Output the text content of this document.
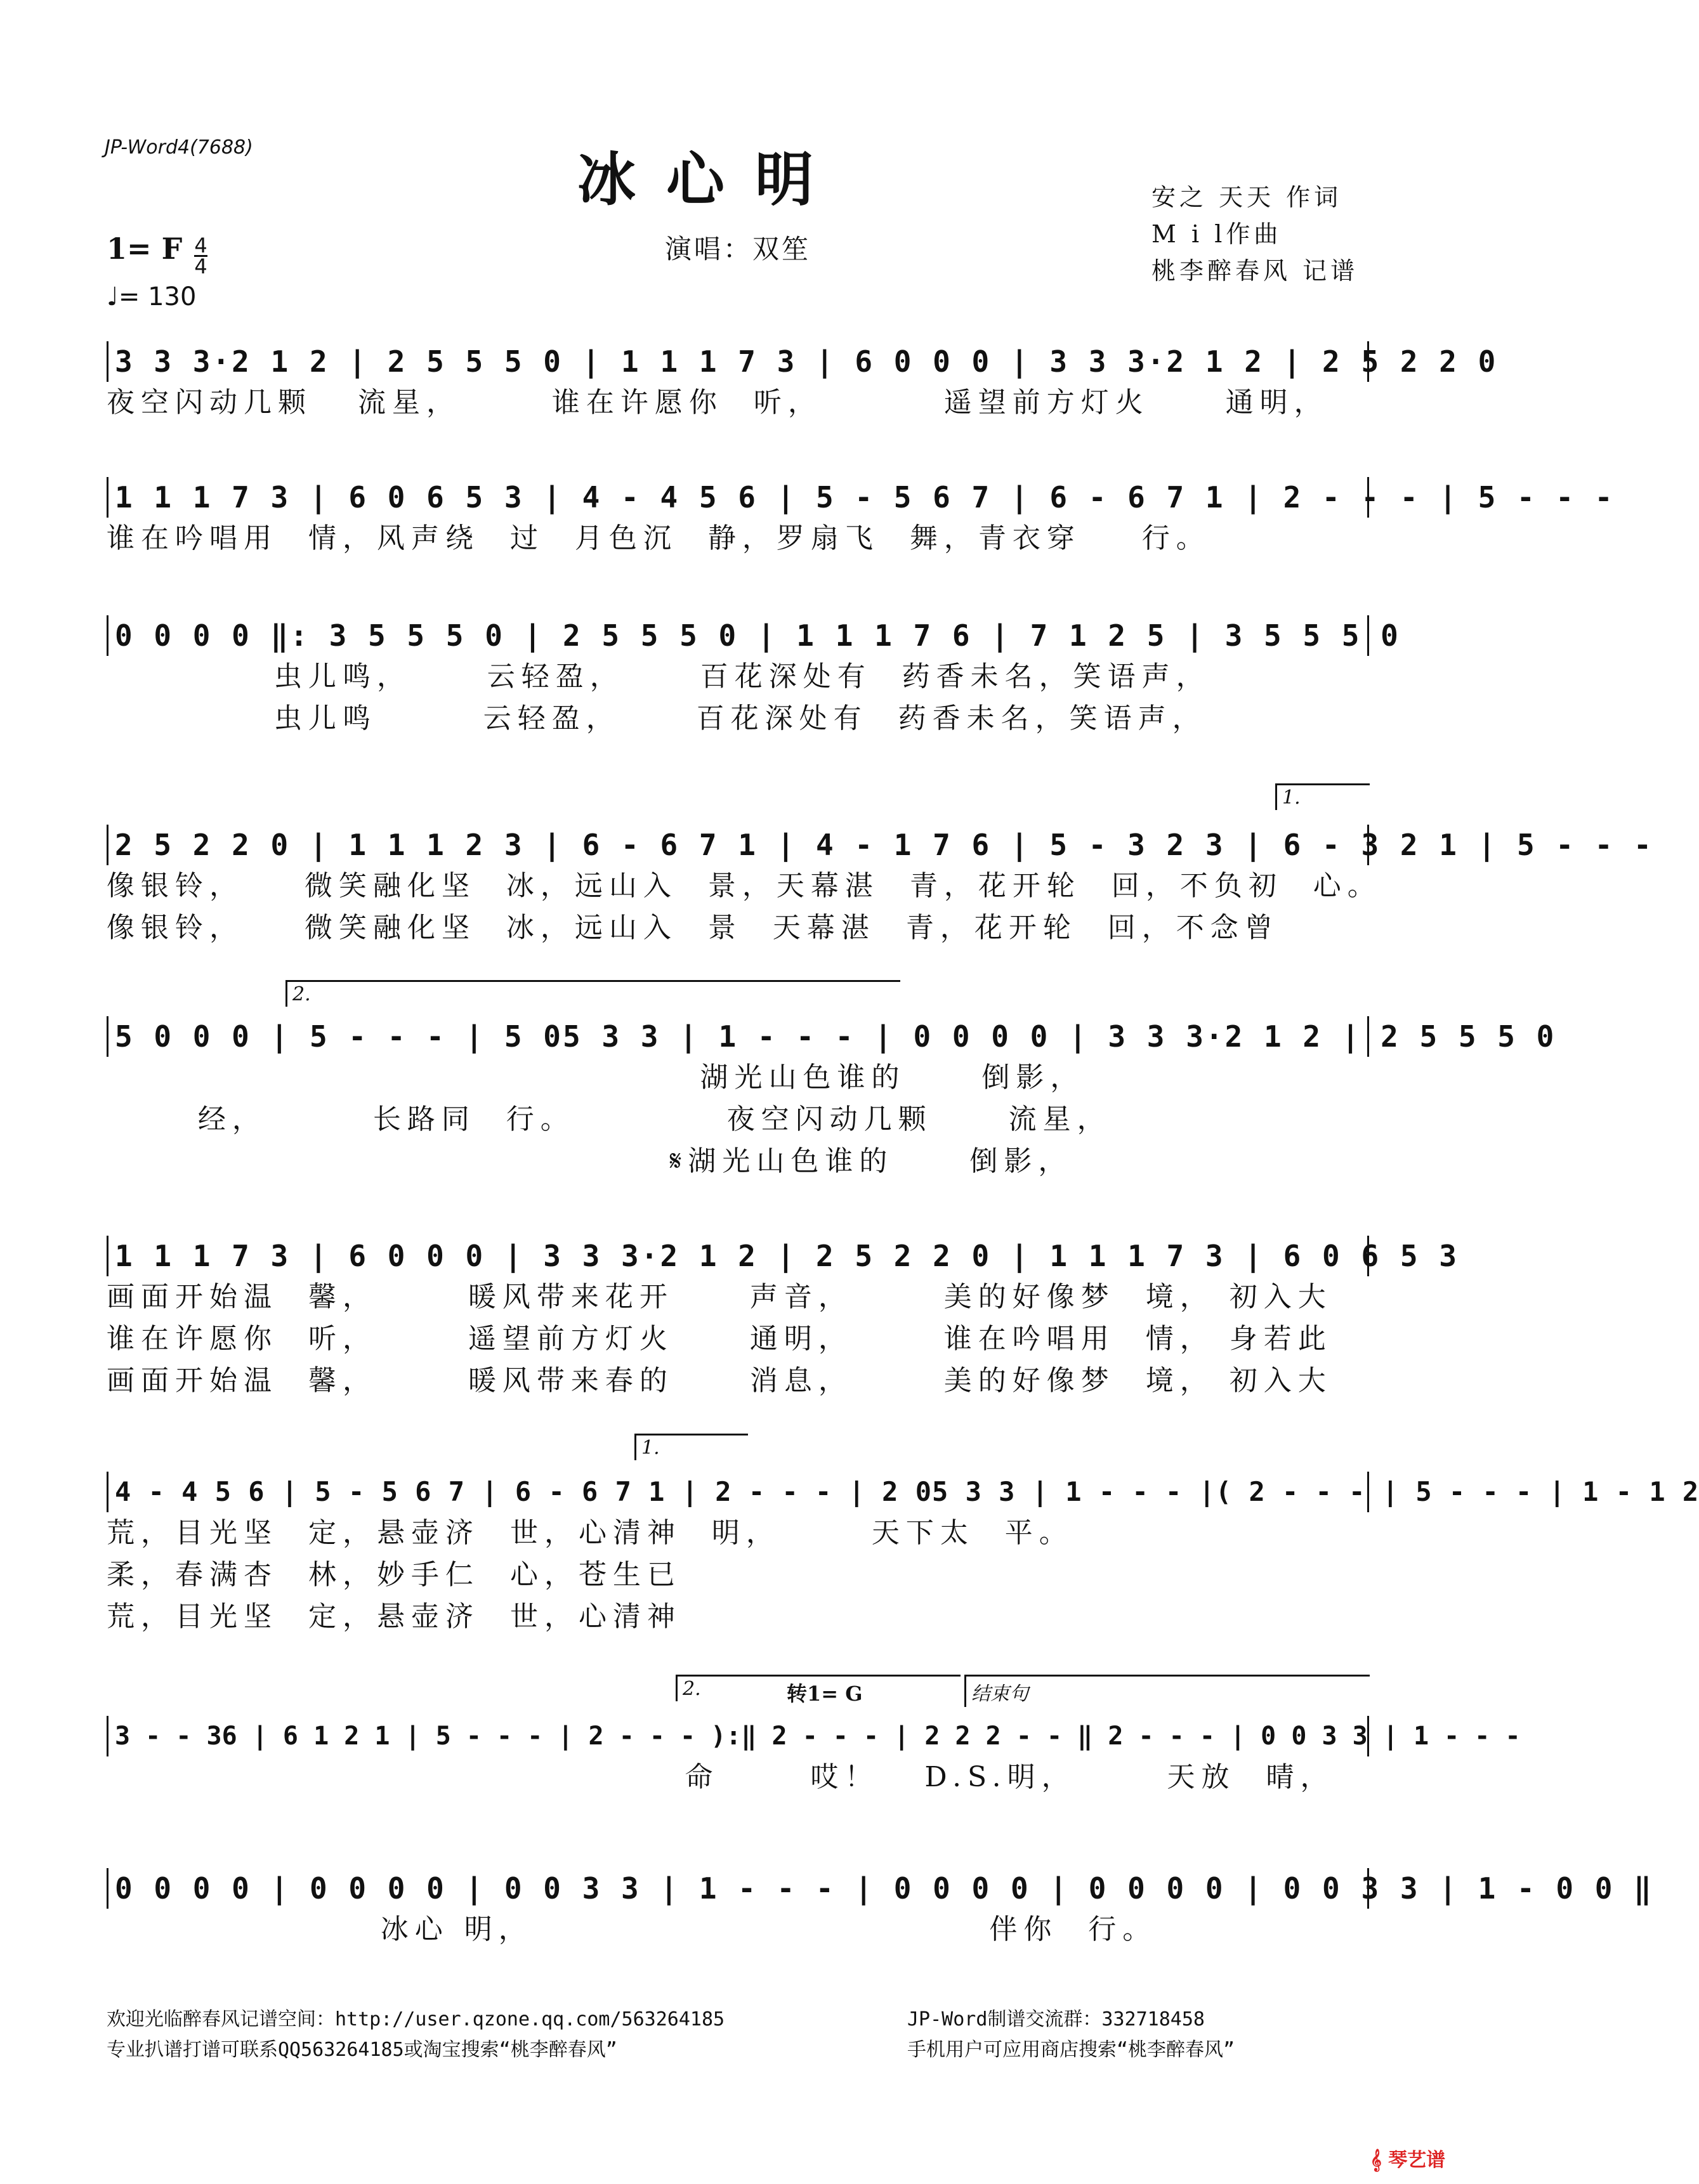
JP-Word4(7688)	冰心明
演唱：双笙
安之 天天 作词
M i l作曲
桃李醉春风 记谱
1= F $\frac{4}{4}$
♩= 130
3 3 3·2 1 2 | 2 5 5 5 0 | 1 1 1 7 3 | 6 0 0 0 | 3 3 3·2 1 2 | 2 5 2 2 0
夜空闪动几颗   流星，      谁在许愿你  听，        遥望前方灯火     通明，
1 1 1 7 3 | 6 0 6 5 3 | 4 - 4 5 6 | 5 - 5 6 7 | 6 - 6 7 1 | 2 - - - | 5 - - -
谁在吟唱用  情，风声绕  过  月色沉  静，罗扇飞  舞，青衣穿    行。
0 0 0 0 ‖: 3 5 5 5 0 | 2 5 5 5 0 | 1 1 1 7 6 | 7 1 2 5 | 3 5 5 5 0
虫儿鸣，     云轻盈，     百花深处有  药香未名，笑语声，
虫儿鸣       云轻盈，     百花深处有  药香未名，笑语声，
1.
2 5 2 2 0 | 1 1 1 2 3 | 6 - 6 7 1 | 4 - 1 7 6 | 5 - 3 2 3 | 6 - 3 2 1 | 5 - - -
像银铃，    微笑融化坚  冰，远山入  景，天幕湛  青，花开轮  回，不负初  心。
像银铃，    微笑融化坚  冰，远山入  景  天幕湛  青，花开轮  回，不念曾
2.
5 0 0 0 | 5 - - - | 5 05 3 3 | 1 - - - | 0 0 0 0 | 3 3 3·2 1 2 | 2 5 5 5 0
湖光山色谁的     倒影，
经，       长路同  行。          夜空闪动几颗     流星，
𝄋湖光山色谁的     倒影，
1 1 1 7 3 | 6 0 0 0 | 3 3 3·2 1 2 | 2 5 2 2 0 | 1 1 1 7 3 | 6 0 6 5 3
画面开始温  馨，      暖风带来花开     声音，      美的好像梦  境， 初入大
谁在许愿你  听，      遥望前方灯火     通明，      谁在吟唱用  情， 身若此
画面开始温  馨，      暖风带来春的     消息，      美的好像梦  境， 初入大
1.
4 - 4 5 6 | 5 - 5 6 7 | 6 - 6 7 1 | 2 - - - | 2 05 3 3 | 1 - - - |( 2 - - - | 5 - - - | 1 - 1 2
荒，目光坚  定，悬壶济  世，心清神  明，      天下太  平。
柔，春满杏  林，妙手仁  心，苍生已
荒，目光坚  定，悬壶济  世，心清神
2.	转1= G	结束句
3 - - 36 | 6 1 2 1 | 5 - - - | 2 - - - ):‖ 2 - - - | 2 2 2 - - ‖ 2 - - - | 0 0 3 3 | 1 - - -
命      哎！   D.S.明，      天放  晴，
0 0 0 0 | 0 0 0 0 | 0 0 3 3 | 1 - - - | 0 0 0 0 | 0 0 0 0 | 0 0 3 3 | 1 - 0 0 ‖
冰心 明，                              伴你  行。
欢迎光临醉春风记谱空间：http://user.qzone.qq.com/563264185
专业扒谱打谱可联系QQ563264185或淘宝搜索“桃李醉春风”
JP-Word制谱交流群：332718458
手机用户可应用商店搜索“桃李醉春风”
𝄞 琴艺谱
